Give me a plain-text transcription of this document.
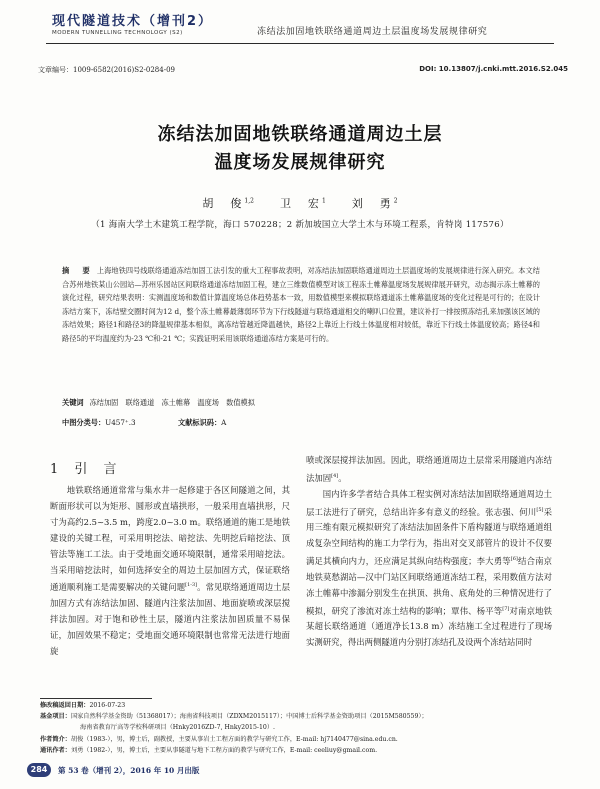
现代隧道技术（增刊2）
MODERN TUNNELLING TECHNOLOGY (S2)	冻结法加固地铁联络通道周边土层温度场发展规律研究
文章编号：1009-6582(2016)S2-0284-09	DOI: 10.13807/j.cnki.mtt.2016.S2.045
冻结法加固地铁联络通道周边土层
温度场发展规律研究
胡　俊$^{1,2}$ 卫　宏$^1$ 刘　勇$^2$
（1 海南大学土木建筑工程学院，海口 570228；2 新加坡国立大学土木与环境工程系，肯特岗 117576）
摘　要 上海地铁四号线联络通道冻结加固工法引发的重大工程事故表明，对冻结法加固联络通道周边土层温度场的发展规律进行深入研究。本文结合苏州地铁某山公园站—苏州乐园站区间联络通道冻结加固工程，建立三维数值模型对该工程冻土帷幕温度场发展规律展开研究，动态揭示冻土帷幕的演化过程，研究结果表明：实测温度场和数值计算温度场总体趋势基本一致，用数值模型来模拟联络通道冻土帷幕温度场的变化过程是可行的；在设计冻结方案下，冻结壁交圈时间为12 d，整个冻土帷幕最薄弱环节为下行线隧道与联络通道相交的喇叭口位置，建议补打一排按照冻结孔来加强该区域的冻结效果；路径1和路径3的降温规律基本相似，离冻结管越近降温越快，路径2上靠近上行线土体温度相对较低，靠近下行线土体温度较高；路径4和路径5的平均温度约为-23 ℃和-21 ℃；实践证明采用该联络通道冻结方案是可行的。
关键词 冻结加固　联络通道　冻土帷幕　温度场　数值模拟
中图分类号：U457⁺.3	文献标识码：A
1 引 言

地铁联络通道常常与集水井一起修建于各区间隧道之间，其断面形状可以为矩形、圆形或直墙拱形，一般采用直墙拱形，尺寸为高约2.5~3.5 m，跨度2.0~3.0 m。联络通道的施工是地铁建设的关键工程，可采用明挖法、暗挖法、先明挖后暗挖法、顶管法等施工工法。由于受地面交通环境限制，通常采用暗挖法。当采用暗挖法时，如何选择安全的周边土层加固方式，保证联络通道顺利施工是需要解决的关键问题[1-3]。常见联络通道周边土层加固方式有冻结法加固、隧道内注浆法加固、地面旋喷或深层搅拌法加固。对于饱和砂性土层，隧道内注浆法加固质量不易保证，加固效果不稳定；受地面交通环境限制也常常无法进行地面旋

喷或深层搅拌法加固。因此，联络通道周边土层常采用隧道内冻结法加固[4]。

国内许多学者结合具体工程实例对冻结法加固联络通道周边土层工法进行了研究，总结出许多有意义的经验。张志强、何川[5]采用三维有限元模拟研究了冻结法加固条件下盾构隧道与联络通道组成复杂空间结构的施工力学行为，指出对交叉部管片的设计不仅要满足其横向内力，还应满足其纵向结构强度；李大勇等[6]结合南京地铁莫愁湖站—汉中门站区间联络通道冻结工程，采用数值方法对冻土帷幕中渗漏分别发生在拱顶、拱角、底角处的三种情况进行了模拟，研究了渗流对冻土结构的影响；覃伟、杨平等[7]对南京地铁某超长联络通道（通道净长13.8 m）冻结施工全过程进行了现场实测研究，得出两侧隧道内分别打冻结孔及设两个冻结站同时

修改稿返回日期：2016-07-23
基金项目：国家自然科学基金资助（51368017）；海南省科技项目（ZDXM2015117）；中国博士后科学基金资助项目（2015M580559）；
海南省教育厅高等学校科研项目（Hnky2016ZD-7, Hnky2015-10）.
作者简介：胡俊（1983-），男，博士后，副教授，主要从事岩土工程方面的教学与研究工作，E-mail: hj7140477@sina.edu.cn.
通讯作者：刘勇（1982-），男，博士后，主要从事隧道与地下工程方面的教学与研究工作，E-mail: ceeliuy@gmail.com.
284	第 53 卷（增刊 2），2016 年 10 月出版
